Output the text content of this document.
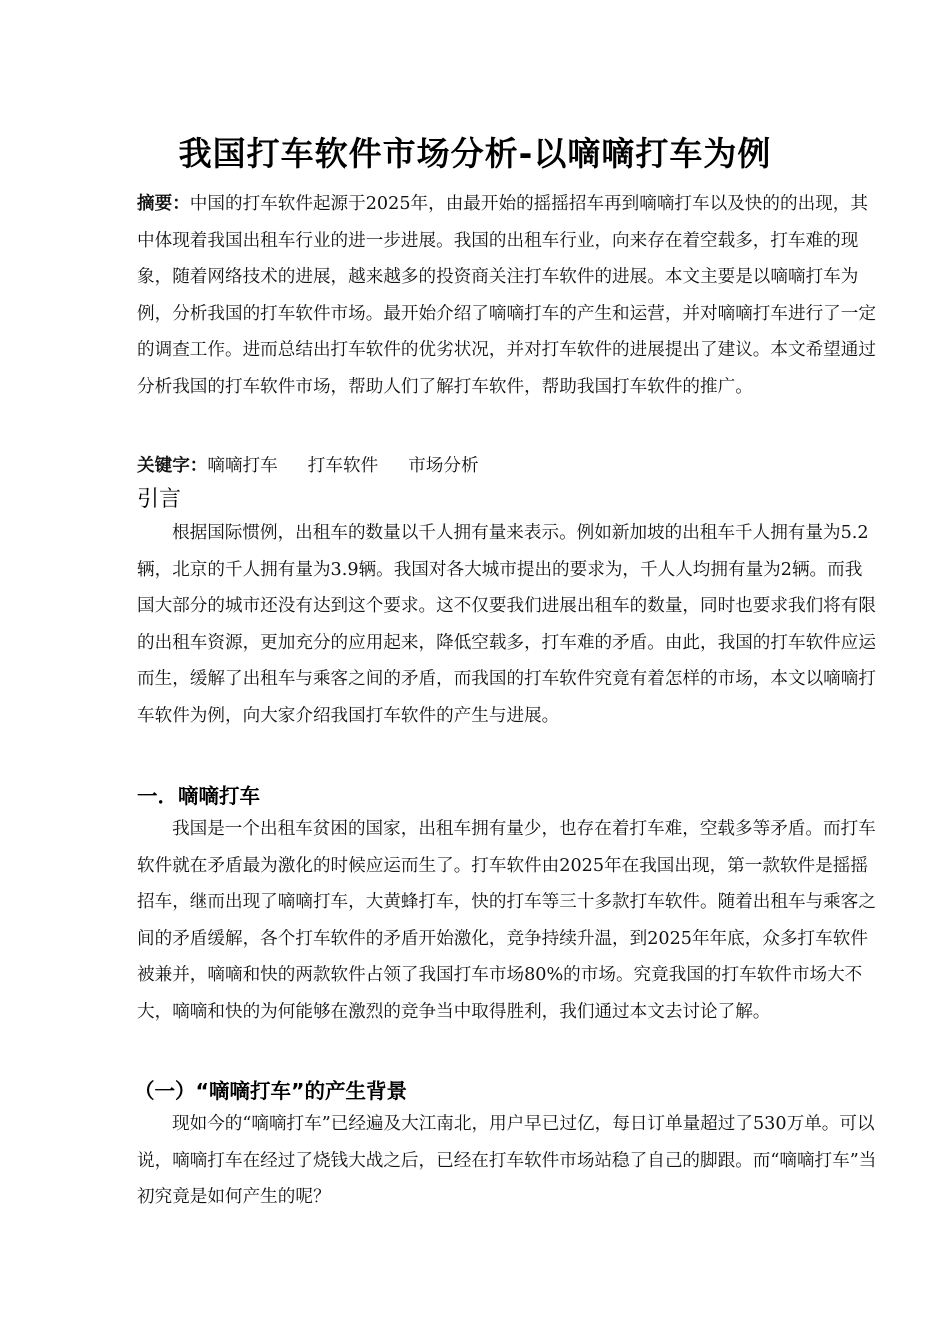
我国打车软件市场分析-以嘀嘀打车为例

摘要：中国的打车软件起源于2025年，由最开始的摇摇招车再到嘀嘀打车以及快的的出现，其中体现着我国出租车行业的进一步进展。我国的出租车行业，向来存在着空载多，打车难的现象，随着网络技术的进展，越来越多的投资商关注打车软件的进展。本文主要是以嘀嘀打车为例，分析我国的打车软件市场。最开始介绍了嘀嘀打车的产生和运营，并对嘀嘀打车进行了一定的调查工作。进而总结出打车软件的优劣状况，并对打车软件的进展提出了建议。本文希望通过分析我国的打车软件市场，帮助人们了解打车软件，帮助我国打车软件的推广。

关键字：嘀嘀打车 打车软件 市场分析

引言

根据国际惯例，出租车的数量以千人拥有量来表示。例如新加坡的出租车千人拥有量为5.2辆，北京的千人拥有量为3.9辆。我国对各大城市提出的要求为，千人人均拥有量为2辆。而我国大部分的城市还没有达到这个要求。这不仅要我们进展出租车的数量，同时也要求我们将有限的出租车资源，更加充分的应用起来，降低空载多，打车难的矛盾。由此，我国的打车软件应运而生，缓解了出租车与乘客之间的矛盾，而我国的打车软件究竟有着怎样的市场，本文以嘀嘀打车软件为例，向大家介绍我国打车软件的产生与进展。

一．嘀嘀打车

我国是一个出租车贫困的国家，出租车拥有量少，也存在着打车难，空载多等矛盾。而打车软件就在矛盾最为激化的时候应运而生了。打车软件由2025年在我国出现，第一款软件是摇摇招车，继而出现了嘀嘀打车，大黄蜂打车，快的打车等三十多款打车软件。随着出租车与乘客之间的矛盾缓解，各个打车软件的矛盾开始激化，竞争持续升温，到2025年年底，众多打车软件被兼并，嘀嘀和快的两款软件占领了我国打车市场80%的市场。究竟我国的打车软件市场大不大，嘀嘀和快的为何能够在激烈的竞争当中取得胜利，我们通过本文去讨论了解。

（一）“嘀嘀打车”的产生背景

现如今的“嘀嘀打车”已经遍及大江南北，用户早已过亿，每日订单量超过了530万单。可以说，嘀嘀打车在经过了烧钱大战之后，已经在打车软件市场站稳了自己的脚跟。而“嘀嘀打车”当初究竟是如何产生的呢？
